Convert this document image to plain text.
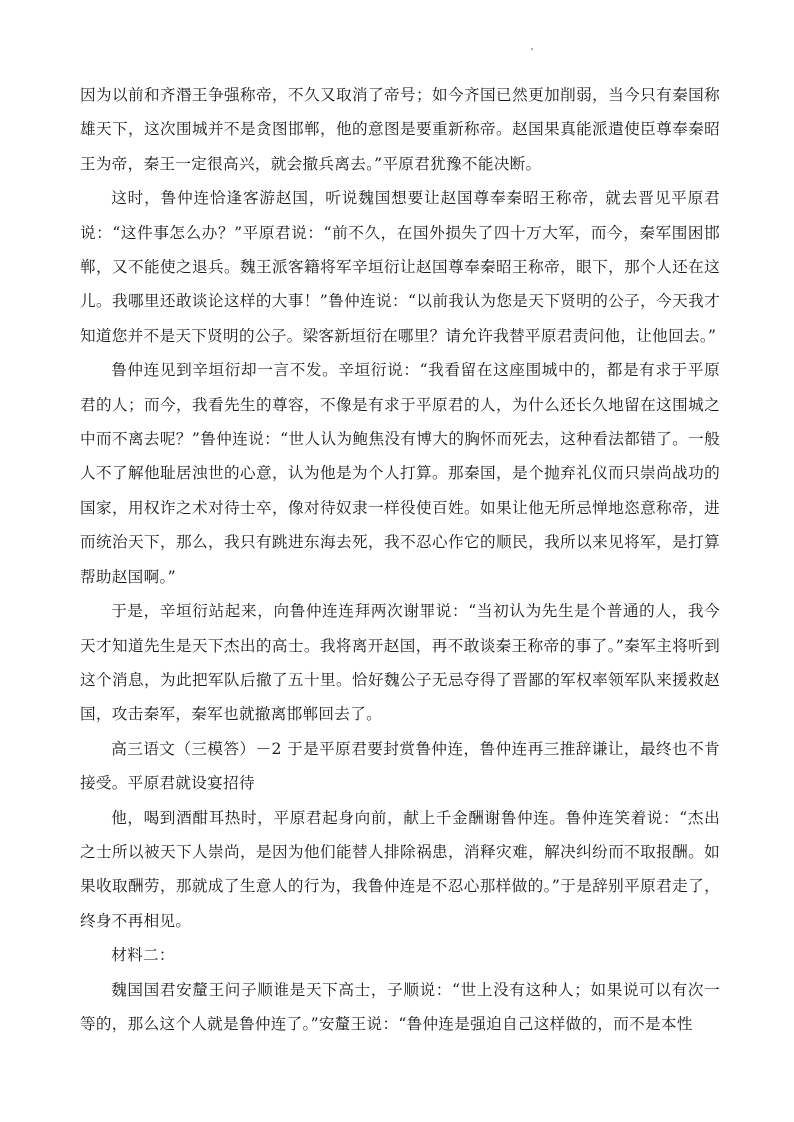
因为以前和齐湣王争强称帝，不久又取消了帝号；如今齐国已然更加削弱，当今只有秦国称雄天下，这次围城并不是贪图邯郸，他的意图是要重新称帝。赵国果真能派遣使臣尊奉秦昭王为帝，秦王一定很高兴，就会撤兵离去。”平原君犹豫不能决断。

这时，鲁仲连恰逢客游赵国，听说魏国想要让赵国尊奉秦昭王称帝，就去晋见平原君说：“这件事怎么办？”平原君说：“前不久，在国外损失了四十万大军，而今，秦军围困邯郸，又不能使之退兵。魏王派客籍将军辛垣衍让赵国尊奉秦昭王称帝，眼下，那个人还在这儿。我哪里还敢谈论这样的大事！”鲁仲连说：“以前我认为您是天下贤明的公子，今天我才知道您并不是天下贤明的公子。梁客新垣衍在哪里？请允许我替平原君责问他，让他回去。”

鲁仲连见到辛垣衍却一言不发。辛垣衍说：“我看留在这座围城中的，都是有求于平原君的人；而今，我看先生的尊容，不像是有求于平原君的人，为什么还长久地留在这围城之中而不离去呢？”鲁仲连说：“世人认为鲍焦没有博大的胸怀而死去，这种看法都错了。一般人不了解他耻居浊世的心意，认为他是为个人打算。那秦国，是个抛弃礼仪而只崇尚战功的国家，用权诈之术对待士卒，像对待奴隶一样役使百姓。如果让他无所忌惮地恣意称帝，进而统治天下，那么，我只有跳进东海去死，我不忍心作它的顺民，我所以来见将军，是打算帮助赵国啊。”

于是，辛垣衍站起来，向鲁仲连连拜两次谢罪说：“当初认为先生是个普通的人，我今天才知道先生是天下杰出的高士。我将离开赵国，再不敢谈秦王称帝的事了。”秦军主将听到这个消息，为此把军队后撤了五十里。恰好魏公子无忌夺得了晋鄙的军权率领军队来援救赵国，攻击秦军，秦军也就撤离邯郸回去了。

高三语文（三模答）－2 于是平原君要封赏鲁仲连，鲁仲连再三推辞谦让，最终也不肯接受。平原君就设宴招待

他，喝到酒酣耳热时，平原君起身向前，献上千金酬谢鲁仲连。鲁仲连笑着说：“杰出之士所以被天下人崇尚，是因为他们能替人排除祸患，消释灾难，解决纠纷而不取报酬。如果收取酬劳，那就成了生意人的行为，我鲁仲连是不忍心那样做的。”于是辞别平原君走了，终身不再相见。

材料二：

魏国国君安釐王问子顺谁是天下高士，子顺说：“世上没有这种人；如果说可以有次一等的，那么这个人就是鲁仲连了。”安釐王说：“鲁仲连是强迫自己这样做的，而不是本性
